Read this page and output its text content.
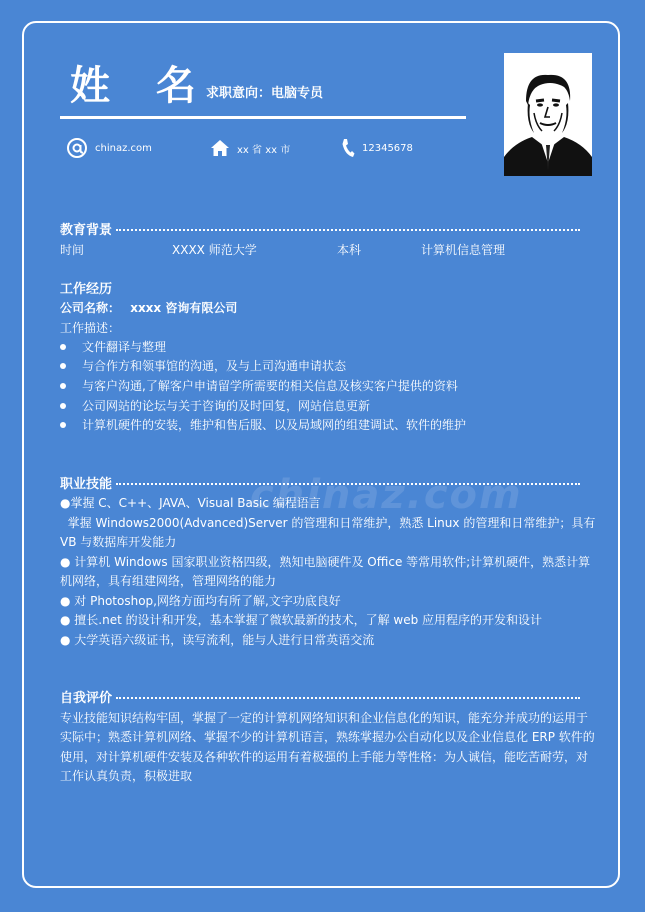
chinaz.com
姓 名
求职意向：电脑专员
chinaz.com	xx 省 xx 市	12345678
教育背景
时间	XXXX 师范大学	本科	计算机信息管理
工作经历
公司名称： xxxx 咨询有限公司
工作描述：
文件翻译与整理
与合作方和领事馆的沟通，及与上司沟通申请状态
与客户沟通,了解客户申请留学所需要的相关信息及核实客户提供的资料
公司网站的论坛与关于咨询的及时回复，网站信息更新
计算机硬件的安装，维护和售后服、以及局域网的组建调试、软件的维护
职业技能
●掌握 C、C++、JAVA、Visual Basic 编程语言
掌握 Windows2000(Advanced)Server 的管理和日常维护，熟悉 Linux 的管理和日常维护；具有
VB 与数据库开发能力
● 计算机 Windows 国家职业资格四级，熟知电脑硬件及 Office 等常用软件;计算机硬件，熟悉计算
机网络，具有组建网络，管理网络的能力
● 对 Photoshop,网络方面均有所了解,文字功底良好
● 擅长.net 的设计和开发，基本掌握了微软最新的技术，了解 web 应用程序的开发和设计
● 大学英语六级证书，读写流利，能与人进行日常英语交流
自我评价
专业技能知识结构牢固，掌握了一定的计算机网络知识和企业信息化的知识，能充分并成功的运用于
实际中；熟悉计算机网络、掌握不少的计算机语言，熟练掌握办公自动化以及企业信息化 ERP 软件的
使用，对计算机硬件安装及各种软件的运用有着极强的上手能力等性格：为人诚信，能吃苦耐劳，对
工作认真负责，积极进取
